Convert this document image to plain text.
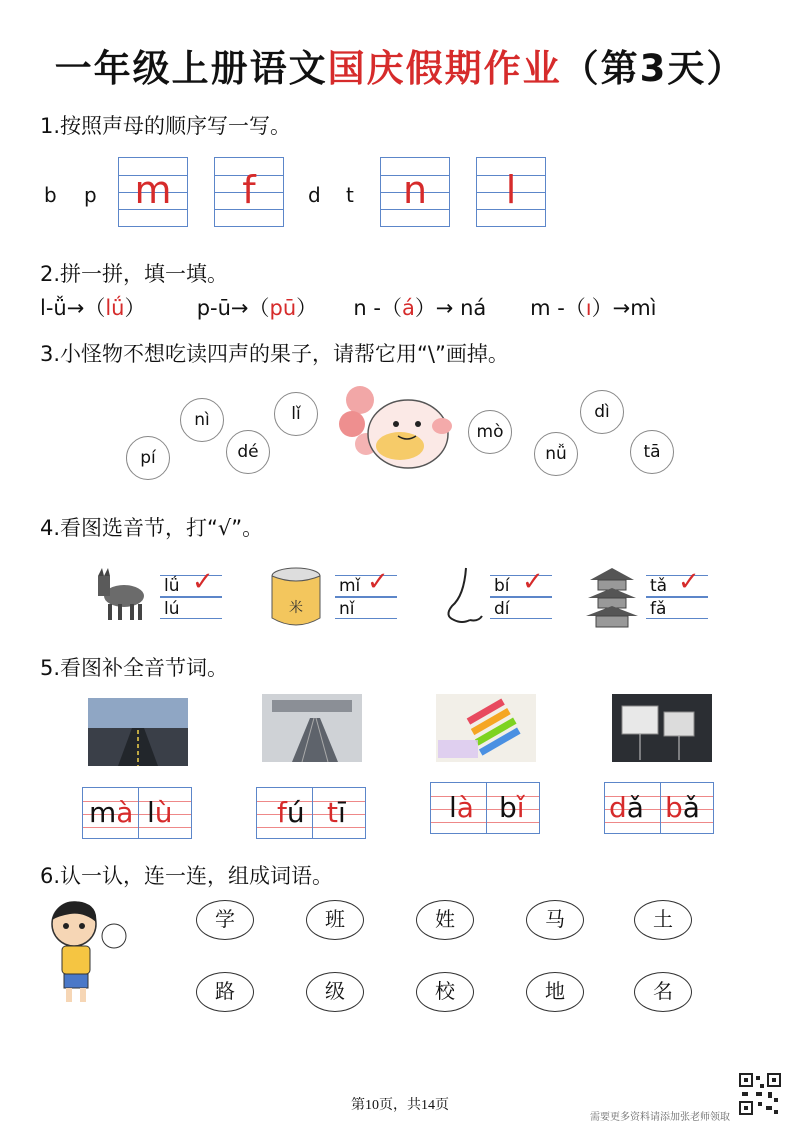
一年级上册语文国庆假期作业（第3天）
1.按照声母的顺序写一写。
b p m	f	d t	n	l
2.拼一拼，填一填。
l-ǚ→（lǘ） p-ū→（pū） n -（á）→ ná m -（ı）→mì
3.小怪物不想吃读四声的果子，请帮它用“\”画掉。
pí
nì
dé
lǐ
mò
nǚ
dì
tā
4.看图选音节，打“√”。
lǘ
lú
✓
米
mǐ
nǐ
✓	bí
dí
✓	tǎ
fǎ
✓
5.看图补全音节词。
mà lù	fú tī	là bǐ	dǎ bǎ
6.认一认，连一连，组成词语。
学	班	姓	马	土
路	级	校	地	名
第10页，共14页
需要更多资料请添加张老师领取
